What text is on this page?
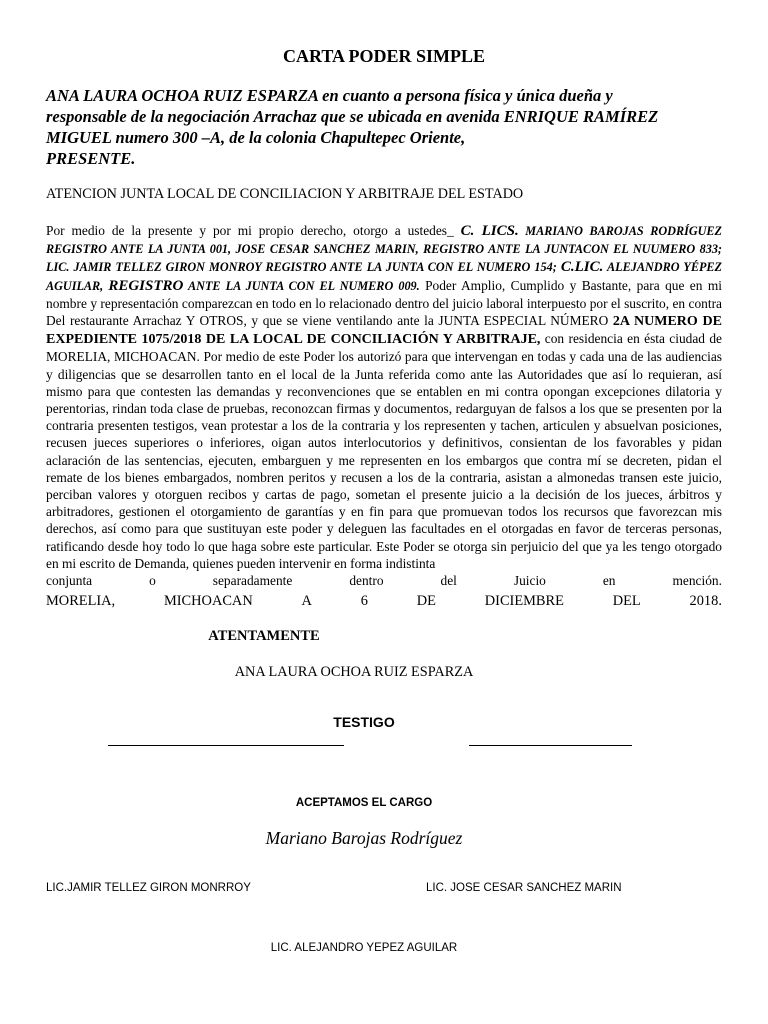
CARTA PODER SIMPLE
ANA LAURA OCHOA RUIZ ESPARZA en cuanto a persona física y única dueña y
responsable de la negociación Arrachaz que se ubicada en avenida ENRIQUE RAMÍREZ
MIGUEL numero 300 –A, de la colonia Chapultepec Oriente,
PRESENTE.
ATENCION JUNTA LOCAL DE CONCILIACION Y ARBITRAJE DEL ESTADO
Por medio de la presente y por mi propio derecho, otorgo a ustedes_ C. LICS. MARIANO BAROJAS RODRÍGUEZ REGISTRO ANTE LA JUNTA 001, JOSE CESAR SANCHEZ MARIN, REGISTRO ANTE LA JUNTACON EL NUUMERO 833; LIC. JAMIR TELLEZ GIRON MONROY REGISTRO ANTE LA JUNTA CON EL NUMERO 154; C.LIC. ALEJANDRO YÉPEZ AGUILAR, REGISTRO ANTE LA JUNTA CON EL NUMERO 009. Poder Amplio, Cumplido y Bastante, para que en mi nombre y representación comparezcan en todo en lo relacionado dentro del juicio laboral interpuesto por el suscrito, en contra Del restaurante Arrachaz Y OTROS, y que se viene ventilando ante la JUNTA ESPECIAL NÚMERO 2A NUMERO DE EXPEDIENTE 1075/2018 DE LA LOCAL DE CONCILIACIÓN Y ARBITRAJE, con residencia en ésta ciudad de MORELIA, MICHOACAN. Por medio de este Poder los autorizó para que intervengan en todas y cada una de las audiencias y diligencias que se desarrollen tanto en el local de la Junta referida como ante las Autoridades que así lo requieran, así mismo para que contesten las demandas y reconvenciones que se entablen en mi contra opongan excepciones dilatoria y perentorias, rindan toda clase de pruebas, reconozcan firmas y documentos, redarguyan de falsos a los que se presenten por la contraria presenten testigos, vean protestar a los de la contraria y los representen y tachen, articulen y absuelvan posiciones, recusen jueces superiores o inferiores, oigan autos interlocutorios y definitivos, consientan de los favorables y pidan aclaración de las sentencias, ejecuten, embarguen y me representen en los embargos que contra mí se decreten, pidan el remate de los bienes embargados, nombren peritos y recusen a los de la contraria, asistan a almonedas transen este juicio, perciban valores y otorguen recibos y cartas de pago, sometan el presente juicio a la decisión de los jueces, árbitros y arbitradores, gestionen el otorgamiento de garantías y en fin para que promuevan todos los recursos que favorezcan mis derechos, así como para que sustituyan este poder y deleguen las facultades en el otorgadas en favor de terceras personas, ratificando desde hoy todo lo que haga sobre este particular. Este Poder se otorga sin perjuicio del que ya les tengo otorgado en mi escrito de Demanda, quienes pueden intervenir en forma indistinta
conjunta	o	separadamente	dentro	del	Juicio	en	mención.
MORELIA,	MICHOACAN	A	6	DE	DICIEMBRE	DEL	2018.
ATENTAMENTE
ANA LAURA OCHOA RUIZ ESPARZA
TESTIGO
ACEPTAMOS EL CARGO
Mariano Barojas Rodríguez
LIC.JAMIR TELLEZ GIRON MONRROY	LIC. JOSE CESAR SANCHEZ MARIN
LIC. ALEJANDRO YEPEZ AGUILAR
